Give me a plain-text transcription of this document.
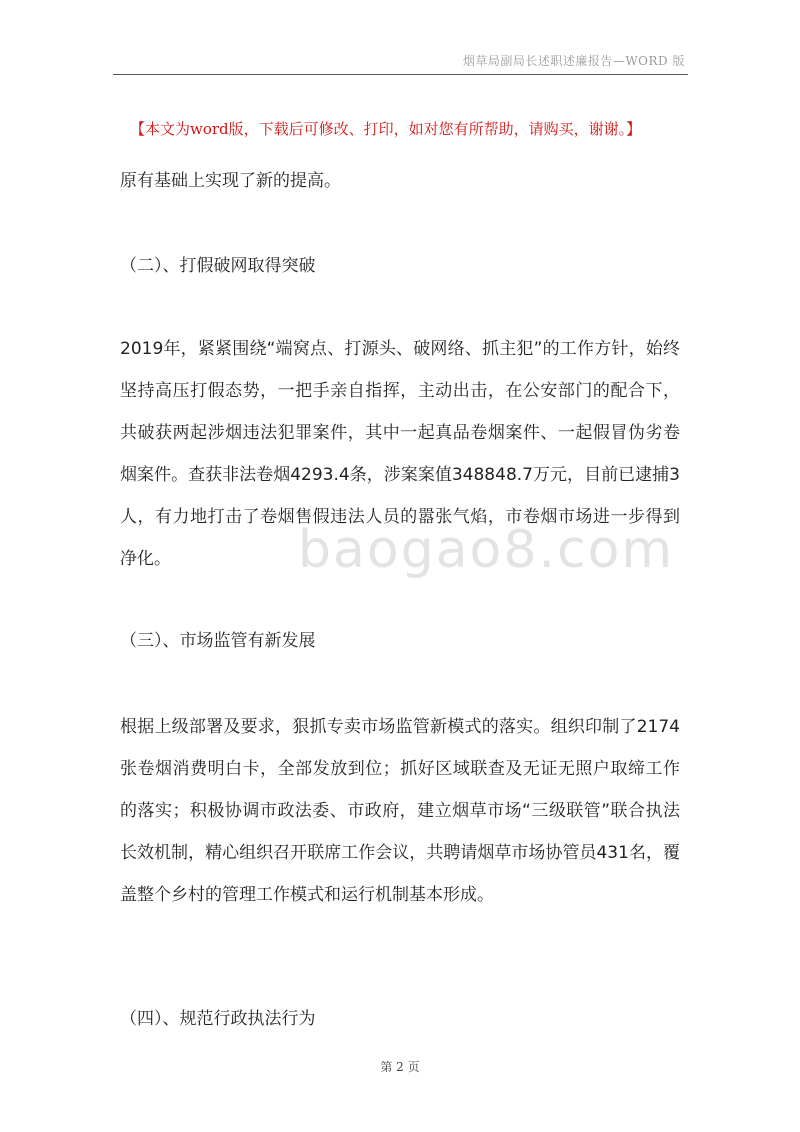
烟草局副局长述职述廉报告—WORD 版
【本文为word版，下载后可修改、打印，如对您有所帮助，请购买，谢谢。】
baogao8.com

原有基础上实现了新的提高。

（二）、打假破网取得突破

2019年，紧紧围绕“端窝点、打源头、破网络、抓主犯”的工作方针，始终坚持高压打假态势，一把手亲自指挥，主动出击，在公安部门的配合下，共破获两起涉烟违法犯罪案件，其中一起真品卷烟案件、一起假冒伪劣卷烟案件。查获非法卷烟4293.4条，涉案案值348848.7万元，目前已逮捕3人，有力地打击了卷烟售假违法人员的嚣张气焰，市卷烟市场进一步得到净化。

（三）、市场监管有新发展

根据上级部署及要求，狠抓专卖市场监管新模式的落实。组织印制了2174张卷烟消费明白卡，全部发放到位；抓好区域联查及无证无照户取缔工作的落实；积极协调市政法委、市政府，建立烟草市场“三级联管”联合执法长效机制，精心组织召开联席工作会议，共聘请烟草市场协管员431名，覆盖整个乡村的管理工作模式和运行机制基本形成。

（四）、规范行政执法行为

第 2 页
